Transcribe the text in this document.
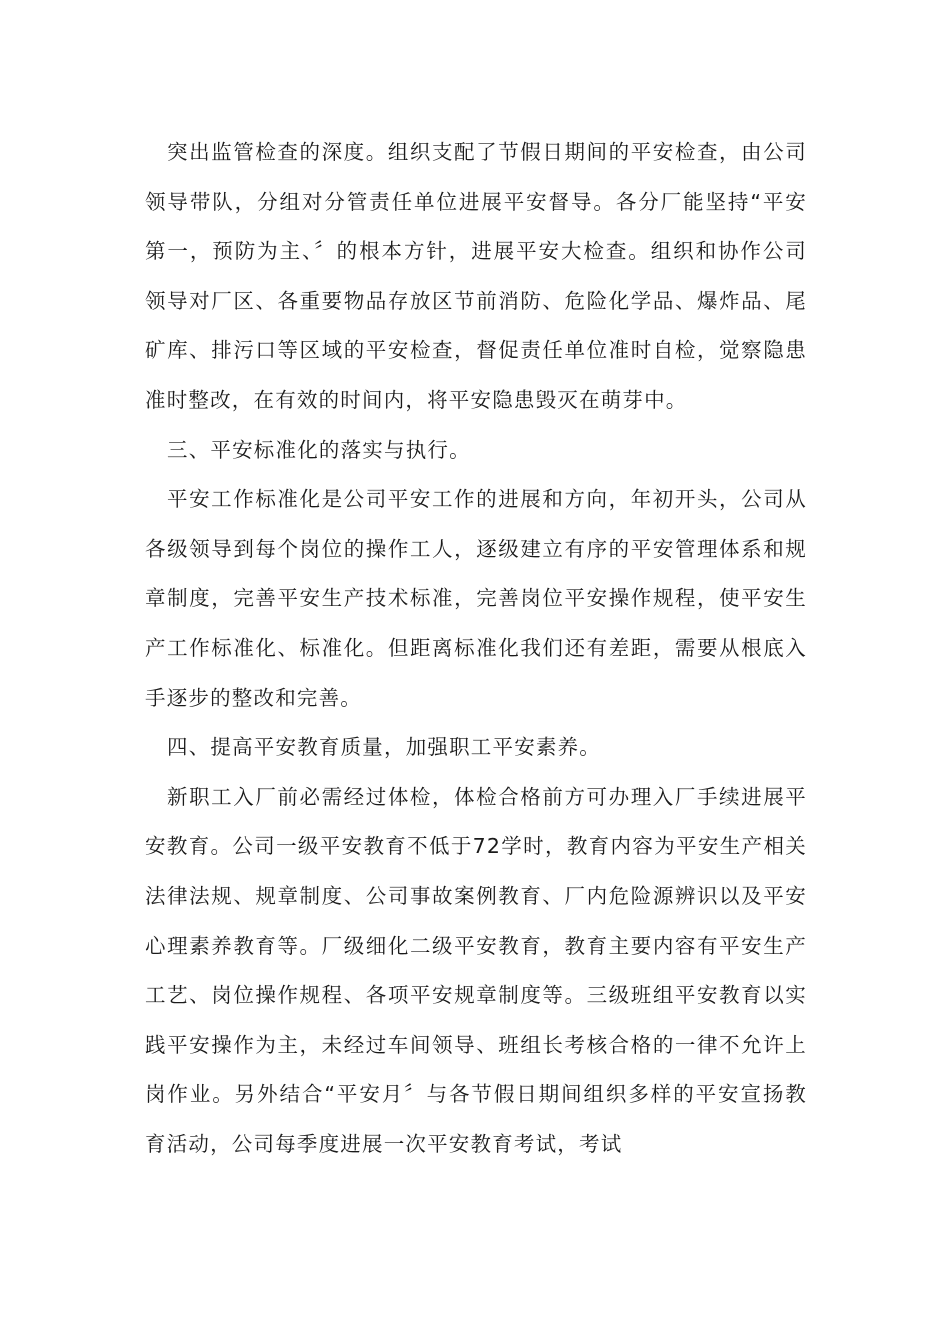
突出监管检查的深度。组织支配了节假日期间的平安检查，由公司领导带队，分组对分管责任单位进展平安督导。各分厂能坚持“平安第一，预防为主、〞的根本方针，进展平安大检查。组织和协作公司领导对厂区、各重要物品存放区节前消防、危险化学品、爆炸品、尾矿库、排污口等区域的平安检查，督促责任单位准时自检，觉察隐患准时整改，在有效的时间内，将平安隐患毁灭在萌芽中。

三、平安标准化的落实与执行。

平安工作标准化是公司平安工作的进展和方向，年初开头，公司从各级领导到每个岗位的操作工人，逐级建立有序的平安管理体系和规章制度，完善平安生产技术标准，完善岗位平安操作规程，使平安生产工作标准化、标准化。但距离标准化我们还有差距，需要从根底入手逐步的整改和完善。

四、提高平安教育质量，加强职工平安素养。

新职工入厂前必需经过体检，体检合格前方可办理入厂手续进展平安教育。公司一级平安教育不低于72学时，教育内容为平安生产相关法律法规、规章制度、公司事故案例教育、厂内危险源辨识以及平安心理素养教育等。厂级细化二级平安教育，教育主要内容有平安生产工艺、岗位操作规程、各项平安规章制度等。三级班组平安教育以实践平安操作为主，未经过车间领导、班组长考核合格的一律不允许上岗作业。另外结合“平安月〞与各节假日期间组织多样的平安宣扬教育活动，公司每季度进展一次平安教育考试，考试
